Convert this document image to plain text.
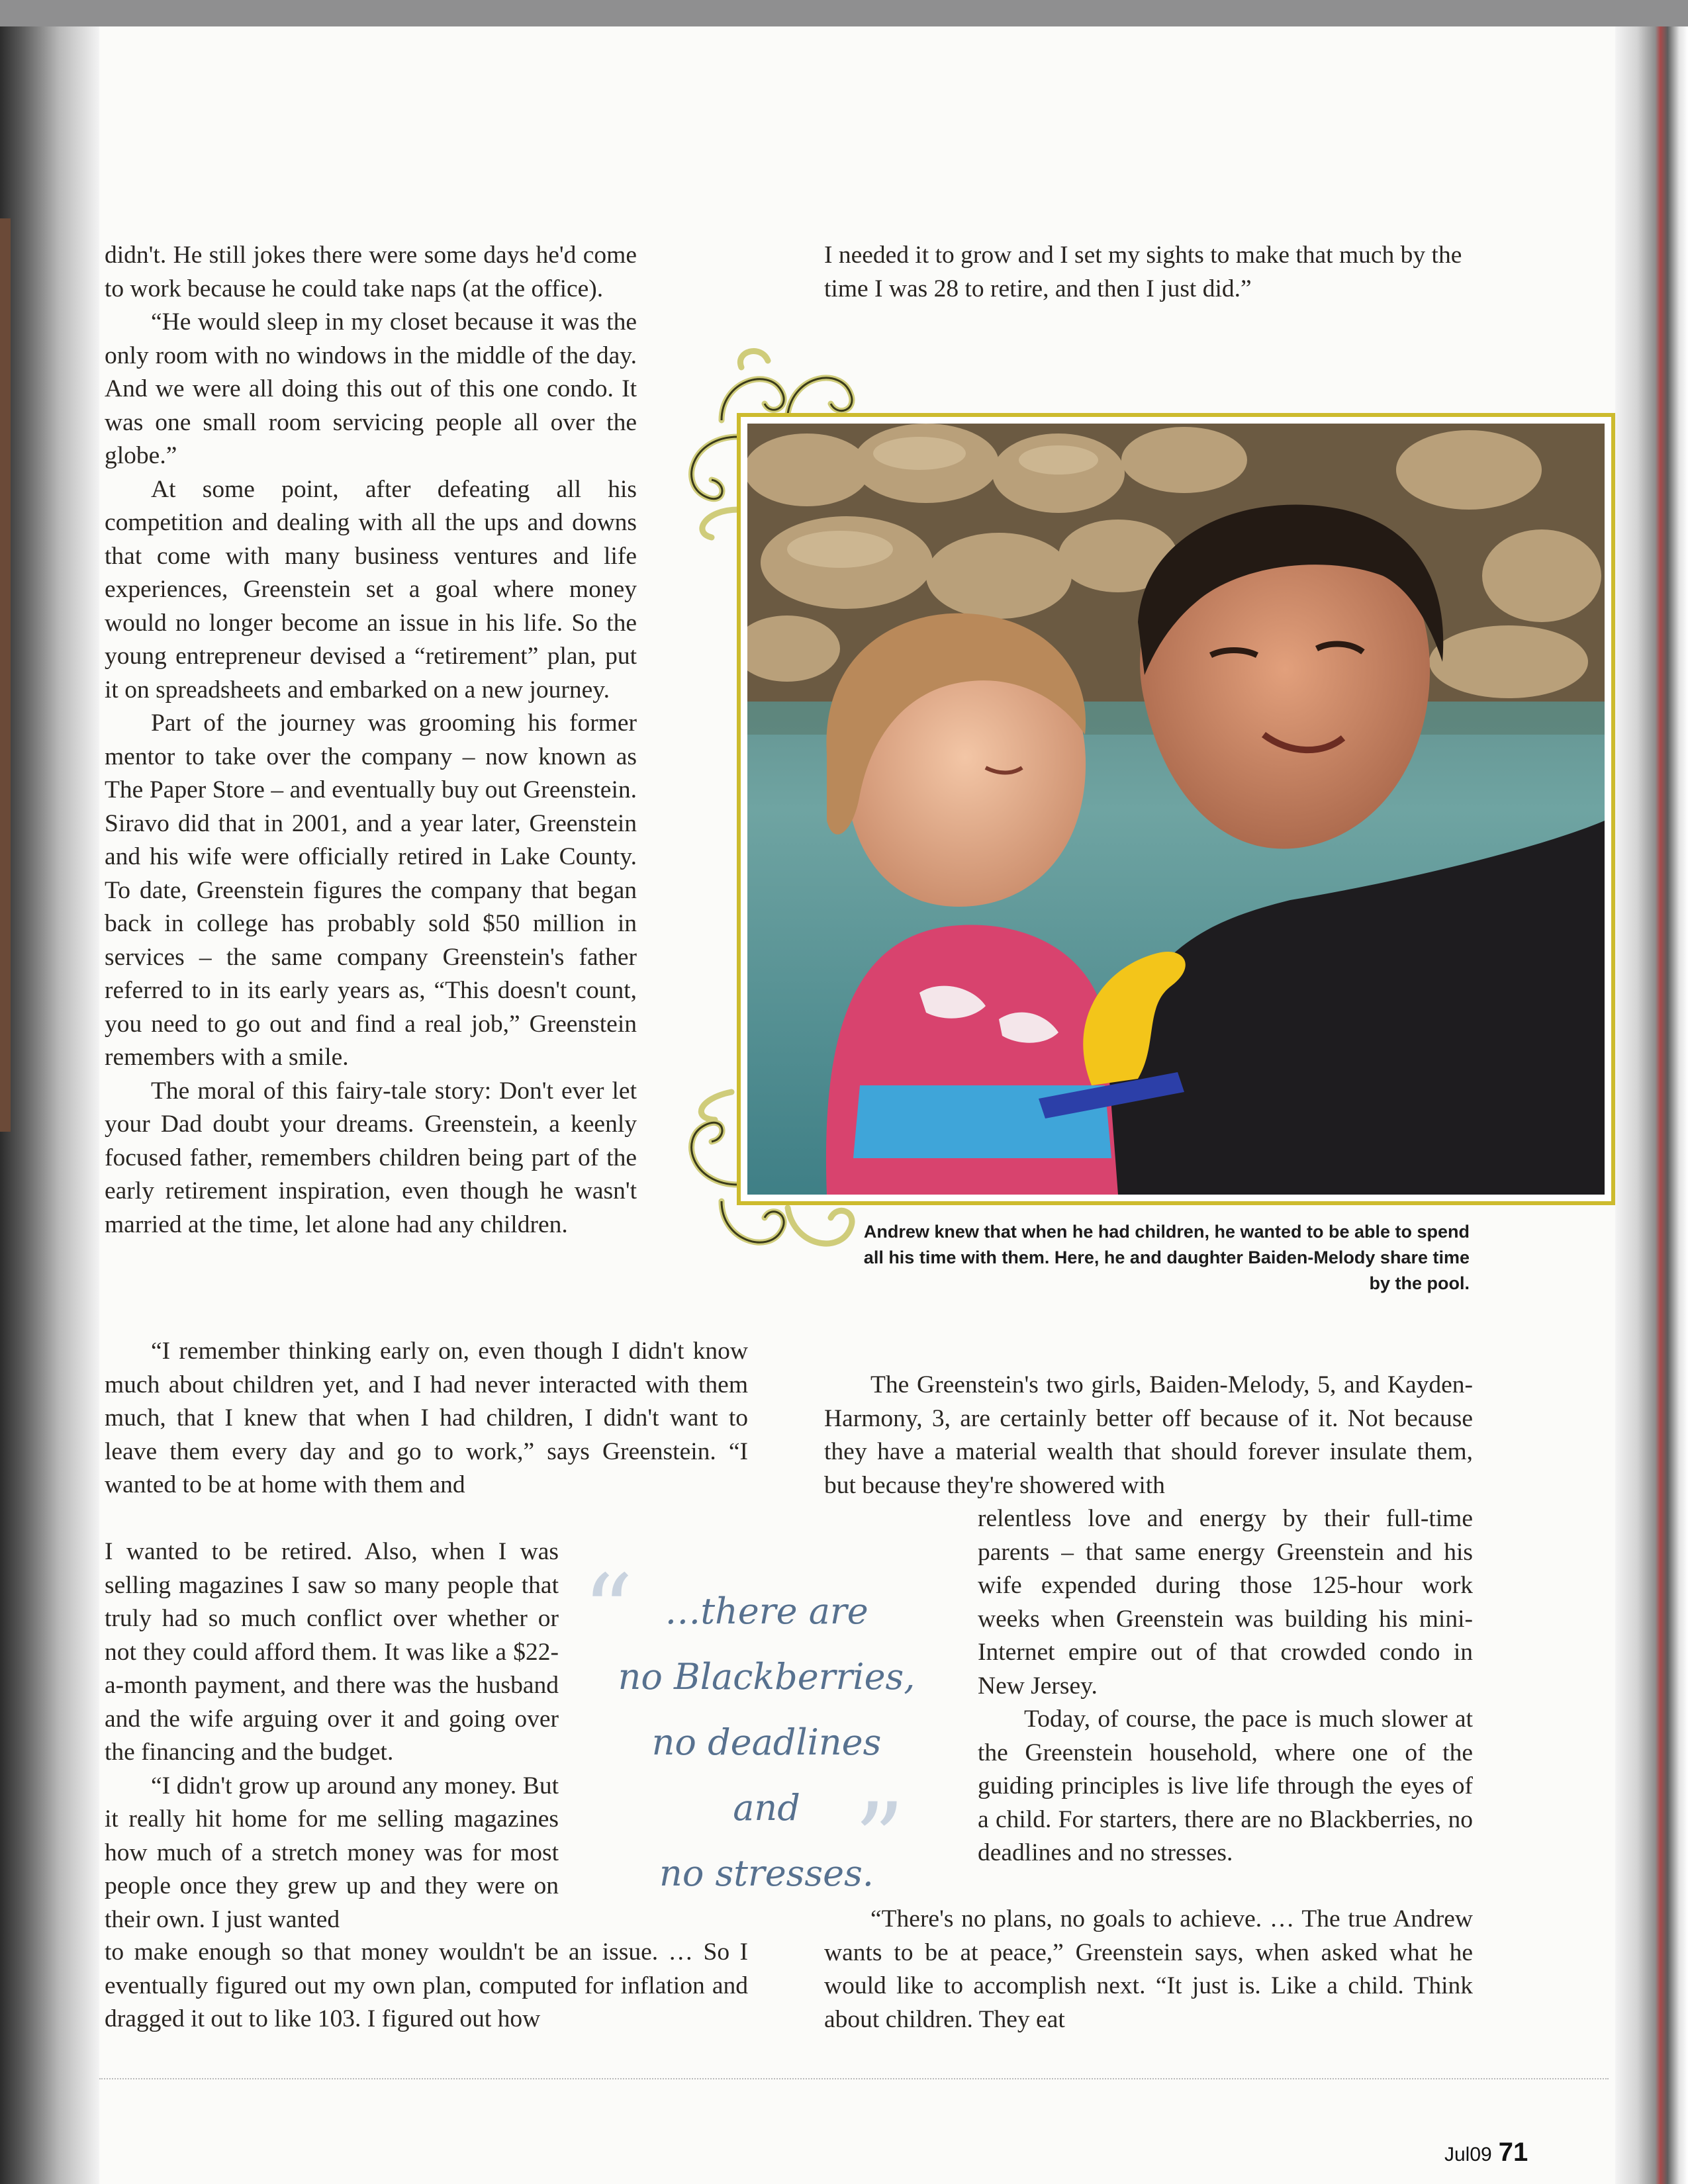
didn't. He still jokes there were some days he'd come to work because he could take naps (at the office).

“He would sleep in my closet because it was the only room with no windows in the middle of the day. And we were all doing this out of this one condo. It was one small room servicing people all over the globe.”

At some point, after defeating all his competition and dealing with all the ups and downs that come with many business ventures and life experiences, Greenstein set a goal where money would no longer become an issue in his life. So the young entrepreneur devised a “retirement” plan, put it on spreadsheets and embarked on a new journey.

Part of the journey was grooming his former mentor to take over the company – now known as The Paper Store – and eventually buy out Greenstein. Siravo did that in 2001, and a year later, Greenstein and his wife were officially retired in Lake County. To date, Greenstein figures the company that began back in college has probably sold $50 million in services – the same company Greenstein's father referred to in its early years as, “This doesn't count, you need to go out and find a real job,” Greenstein remembers with a smile.

The moral of this fairy-tale story: Don't ever let your Dad doubt your dreams. Greenstein, a keenly focused father, remembers children being part of the early retirement inspiration, even though he wasn't married at the time, let alone had any children.

“I remember thinking early on, even though I didn't know much about children yet, and I had never interacted with them much, that I knew that when I had children, I didn't want to leave them every day and go to work,” says Greenstein. “I wanted to be at home with them and

I wanted to be retired. Also, when I was selling magazines I saw so many people that truly had so much conflict over whether or not they could afford them. It was like a $22-a-month payment, and there was the husband and the wife arguing over it and going over the financing and the budget.

“I didn't grow up around any money. But it really hit home for me selling magazines how much of a stretch money was for most people once they grew up and they were on their own. I just wanted

to make enough so that money wouldn't be an issue. … So I eventually figured out my own plan, computed for inflation and dragged it out to like 103. I figured out how

I needed it to grow and I set my sights to make that much by the time I was 28 to retire, and then I just did.”

The Greenstein's two girls, Baiden-Melody, 5, and Kayden-Harmony, 3, are certainly better off because of it. Not because they have a material wealth that should forever insulate them, but because they're showered with

relentless love and energy by their full-time parents – that same energy Greenstein and his wife expended during those 125-hour work weeks when Greenstein was building his mini-Internet empire out of that crowded condo in New Jersey.

Today, of course, the pace is much slower at the Greenstein household, where one of the guiding principles is live life through the eyes of a child. For starters, there are no Blackberries, no deadlines and no stresses.

“There's no plans, no goals to achieve. … The true Andrew wants to be at peace,” Greenstein says, when asked what he would like to accomplish next. “It just is. Like a child. Think about children. They eat

Andrew knew that when he had children, he wanted to be able to spend all his time with them. Here, he and daughter Baiden-Melody share time by the pool.
“ …there are
no Blackberries,
no deadlines and
no stresses.
”
Jul09 71
